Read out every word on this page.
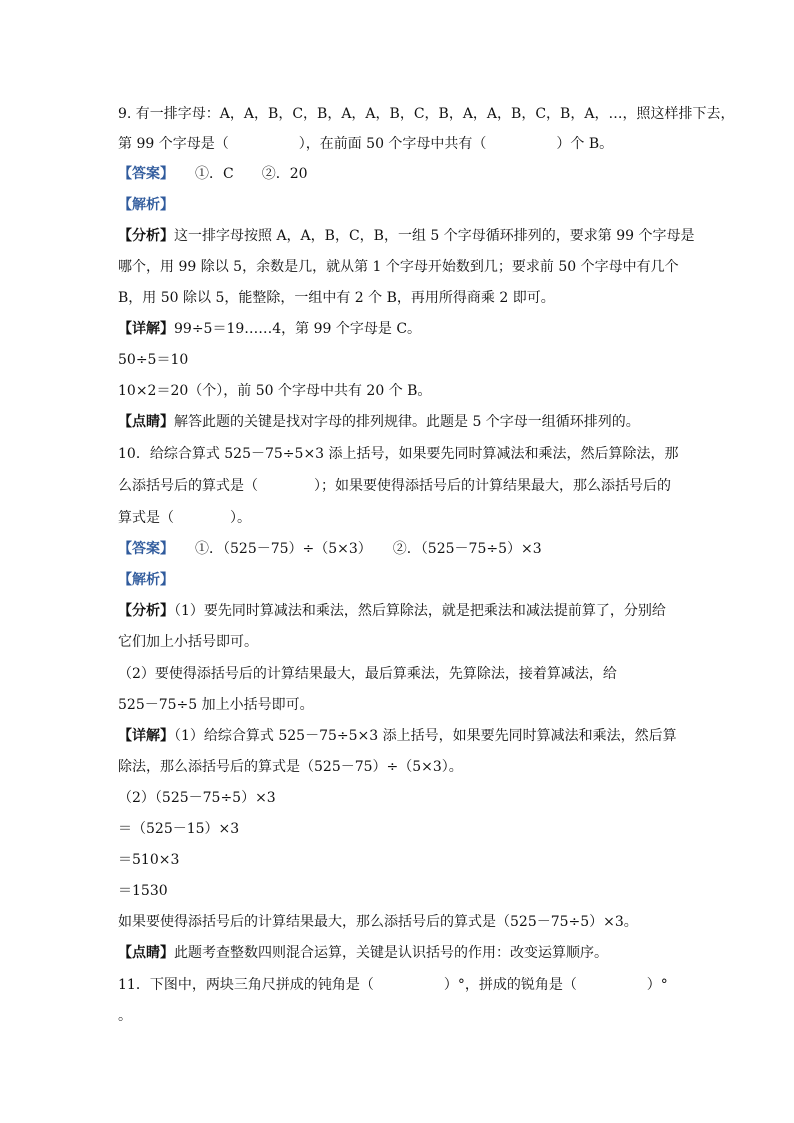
9. 有一排字母：A，A，B，C，B，A，A，B，C，B，A，A，B，C，B，A，…，照这样排下去，
第 99 个字母是（　　　　　），在前面 50 个字母中共有（　　　　　）个 B。
【答案】　　①．C　　②．20
【解析】
【分析】这一排字母按照 A，A，B，C，B，一组 5 个字母循环排列的，要求第 99 个字母是
哪个，用 99 除以 5，余数是几，就从第 1 个字母开始数到几；要求前 50 个字母中有几个
B，用 50 除以 5，能整除，一组中有 2 个 B，再用所得商乘 2 即可。
【详解】99÷5＝19……4，第 99 个字母是 C。
50÷5＝10
10×2＝20（个），前 50 个字母中共有 20 个 B。
【点睛】解答此题的关键是找对字母的排列规律。此题是 5 个字母一组循环排列的。
10．给综合算式 525－75÷5×3 添上括号，如果要先同时算减法和乘法，然后算除法，那
么添括号后的算式是（　　　　）；如果要使得添括号后的计算结果最大，那么添括号后的
算式是（　　　　）。
【答案】　　①．（525－75）÷（5×3）　　②．（525－75÷5）×3
【解析】
【分析】（1）要先同时算减法和乘法，然后算除法，就是把乘法和减法提前算了，分别给
它们加上小括号即可。
（2）要使得添括号后的计算结果最大，最后算乘法，先算除法，接着算减法，给
525－75÷5 加上小括号即可。
【详解】（1）给综合算式 525－75÷5×3 添上括号，如果要先同时算减法和乘法，然后算
除法，那么添括号后的算式是（525－75）÷（5×3）。
（2）（525－75÷5）×3
＝（525－15）×3
＝510×3
＝1530
如果要使得添括号后的计算结果最大，那么添括号后的算式是（525－75÷5）×3。
【点睛】此题考查整数四则混合运算，关键是认识括号的作用：改变运算顺序。
11．下图中，两块三角尺拼成的钝角是（　　　　　）°，拼成的锐角是（　　　　　）°
。
